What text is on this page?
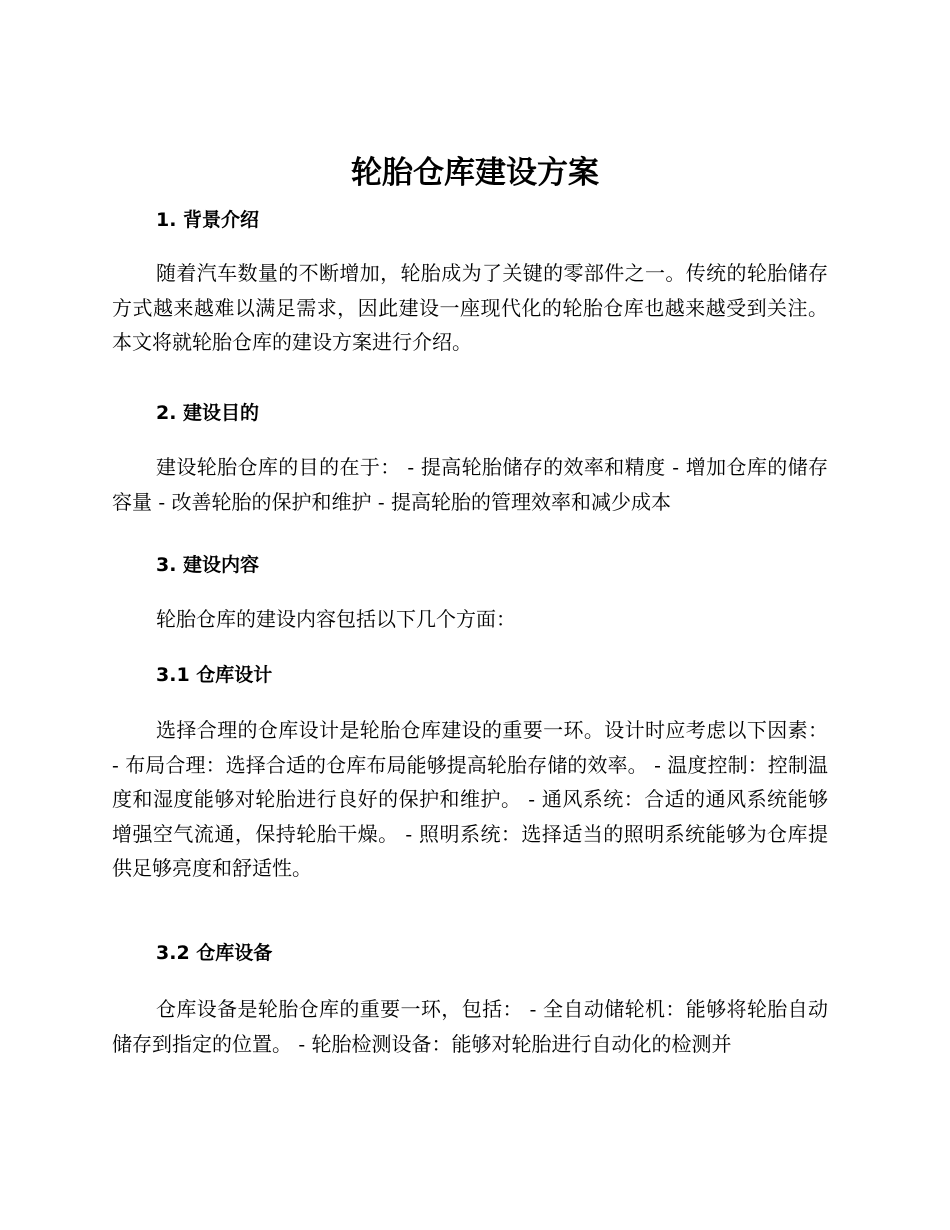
轮胎仓库建设方案
1. 背景介绍

随着汽车数量的不断增加，轮胎成为了关键的零部件之一。传统的轮胎储存方式越来越难以满足需求，因此建设一座现代化的轮胎仓库也越来越受到关注。本文将就轮胎仓库的建设方案进行介绍。

2. 建设目的

建设轮胎仓库的目的在于： - 提高轮胎储存的效率和精度 - 增加仓库的储存容量 - 改善轮胎的保护和维护 - 提高轮胎的管理效率和减少成本

3. 建设内容

轮胎仓库的建设内容包括以下几个方面：

3.1 仓库设计

选择合理的仓库设计是轮胎仓库建设的重要一环。设计时应考虑以下因素： - 布局合理：选择合适的仓库布局能够提高轮胎存储的效率。 - 温度控制：控制温度和湿度能够对轮胎进行良好的保护和维护。 - 通风系统：合适的通风系统能够增强空气流通，保持轮胎干燥。 - 照明系统：选择适当的照明系统能够为仓库提供足够亮度和舒适性。

3.2 仓库设备

仓库设备是轮胎仓库的重要一环，包括： - 全自动储轮机：能够将轮胎自动储存到指定的位置。 - 轮胎检测设备：能够对轮胎进行自动化的检测并
